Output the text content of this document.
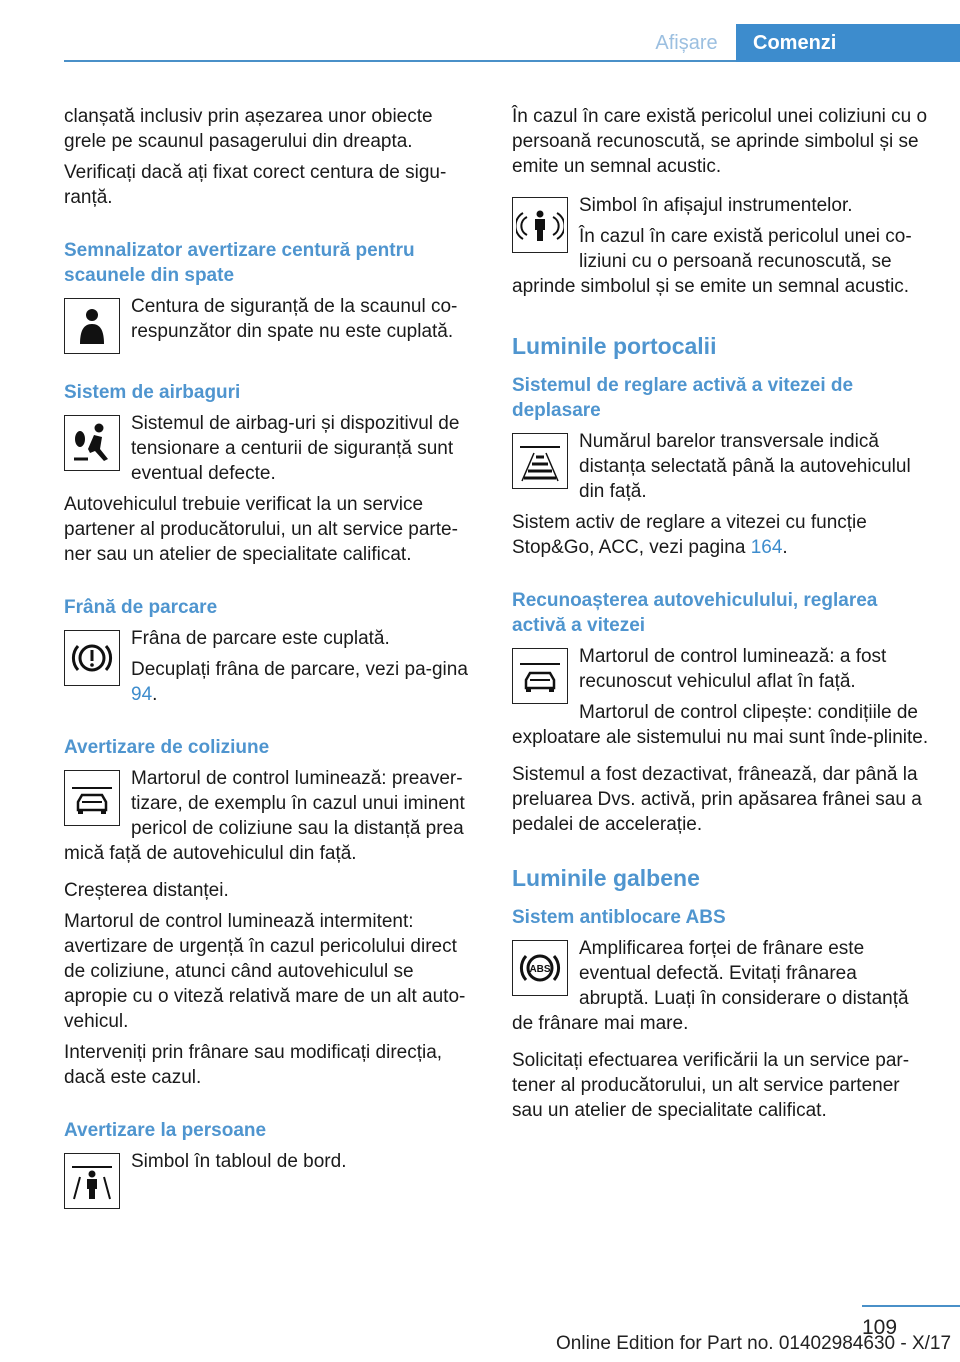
Afișare	Comenzi

clanșată inclusiv prin așezarea unor obiecte grele pe scaunul pasagerului din dreapta.

Verificați dacă ați fixat corect centura de sigu‐ranță.

Semnalizator avertizare centură pentru scaunele din spate

Centura de siguranță de la scaunul co‐respunzător din spate nu este cuplată.

Sistem de airbaguri

Sistemul de airbag-uri și dispozitivul de tensionare a centurii de siguranță sunt eventual defecte.

Autovehiculul trebuie verificat la un service partener al producătorului, un alt service parte‐ner sau un atelier de specialitate calificat.

Frână de parcare

Frâna de parcare este cuplată.

Decuplați frâna de parcare, vezi pa‐gina 94.

Avertizare de coliziune

Martorul de control luminează: preaver‐tizare, de exemplu în cazul unui iminent pericol de coliziune sau la distanță prea mică față de autovehiculul din față.

Creșterea distanței.

Martorul de control luminează intermitent: avertizare de urgență în cazul pericolului direct de coliziune, atunci când autovehiculul se apropie cu o viteză relativă mare de un alt auto‐vehicul.

Interveniți prin frânare sau modificați direcția, dacă este cazul.

Avertizare la persoane

Simbol în tabloul de bord.

În cazul în care există pericolul unei coliziuni cu o persoană recunoscută, se aprinde simbolul și se emite un semnal acustic.

Simbol în afișajul instrumentelor.

În cazul în care există pericolul unei co‐liziuni cu o persoană recunoscută, se aprinde simbolul și se emite un semnal acustic.

Luminile portocalii
Sistemul de reglare activă a vitezei de deplasare

Numărul barelor transversale indică distanța selectată până la autovehiculul din față.

Sistem activ de reglare a vitezei cu funcție Stop&Go, ACC, vezi pagina 164.

Recunoașterea autovehiculului, reglarea activă a vitezei

Martorul de control luminează: a fost recunoscut vehiculul aflat în față.

Martorul de control clipește: condițiile de exploatare ale sistemului nu mai sunt înde‐plinite.

Sistemul a fost dezactivat, frânează, dar până la preluarea Dvs. activă, prin apăsarea frânei sau a pedalei de accelerație.

Luminile galbene
Sistem antiblocare ABS
ABS

Amplificarea forței de frânare este eventual defectă. Evitați frânarea abruptă. Luați în considerare o distanță de frânare mai mare.

Solicitați efectuarea verificării la un service par‐tener al producătorului, un alt service partener sau un atelier de specialitate calificat.

109
Online Edition for Part no. 01402984630 - X/17
